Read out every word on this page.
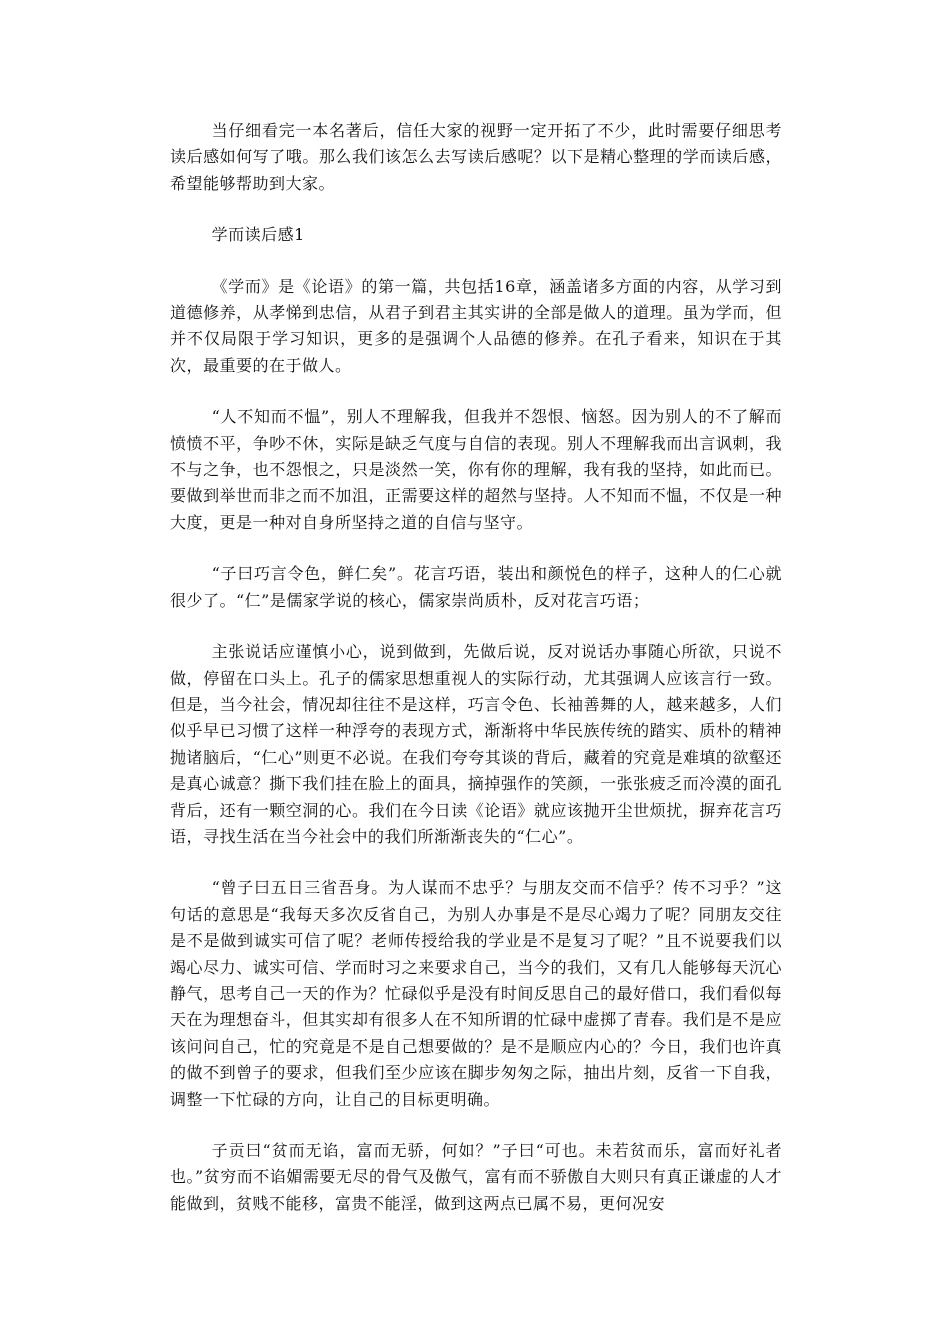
当仔细看完一本名著后，信任大家的视野一定开拓了不少，此时需要仔细思考读后感如何写了哦。那么我们该怎么去写读后感呢？以下是精心整理的学而读后感，希望能够帮助到大家。

学而读后感1

《学而》是《论语》的第一篇，共包括16章，涵盖诸多方面的内容，从学习到道德修养，从孝悌到忠信，从君子到君主其实讲的全部是做人的道理。虽为学而，但并不仅局限于学习知识，更多的是强调个人品德的修养。在孔子看来，知识在于其次，最重要的在于做人。

“人不知而不愠”，别人不理解我，但我并不怨恨、恼怒。因为别人的不了解而愤愤不平，争吵不休，实际是缺乏气度与自信的表现。别人不理解我而出言讽刺，我不与之争，也不怨恨之，只是淡然一笑，你有你的理解，我有我的坚持，如此而已。要做到举世而非之而不加沮，正需要这样的超然与坚持。人不知而不愠，不仅是一种大度，更是一种对自身所坚持之道的自信与坚守。

“子曰巧言令色，鲜仁矣”。花言巧语，装出和颜悦色的样子，这种人的仁心就很少了。“仁”是儒家学说的核心，儒家崇尚质朴，反对花言巧语；

主张说话应谨慎小心，说到做到，先做后说，反对说话办事随心所欲，只说不做，停留在口头上。孔子的儒家思想重视人的实际行动，尤其强调人应该言行一致。但是，当今社会，情况却往往不是这样，巧言令色、长袖善舞的人，越来越多，人们似乎早已习惯了这样一种浮夸的表现方式，渐渐将中华民族传统的踏实、质朴的精神抛诸脑后，“仁心”则更不必说。在我们夸夸其谈的背后，藏着的究竟是难填的欲壑还是真心诚意？撕下我们挂在脸上的面具，摘掉强作的笑颜，一张张疲乏而冷漠的面孔背后，还有一颗空洞的心。我们在今日读《论语》就应该抛开尘世烦扰，摒弃花言巧语，寻找生活在当今社会中的我们所渐渐丧失的“仁心”。

“曾子曰五日三省吾身。为人谋而不忠乎？与朋友交而不信乎？传不习乎？”这句话的意思是“我每天多次反省自己，为别人办事是不是尽心竭力了呢？同朋友交往是不是做到诚实可信了呢？老师传授给我的学业是不是复习了呢？”且不说要我们以竭心尽力、诚实可信、学而时习之来要求自己，当今的我们，又有几人能够每天沉心静气，思考自己一天的作为？忙碌似乎是没有时间反思自己的最好借口，我们看似每天在为理想奋斗，但其实却有很多人在不知所谓的忙碌中虚掷了青春。我们是不是应该问问自己，忙的究竟是不是自己想要做的？是不是顺应内心的？今日，我们也许真的做不到曾子的要求，但我们至少应该在脚步匆匆之际，抽出片刻，反省一下自我，调整一下忙碌的方向，让自己的目标更明确。

子贡曰“贫而无谄，富而无骄，何如？”子曰“可也。未若贫而乐，富而好礼者也。”贫穷而不谄媚需要无尽的骨气及傲气，富有而不骄傲自大则只有真正谦虚的人才能做到，贫贱不能移，富贵不能淫，做到这两点已属不易，更何况安
